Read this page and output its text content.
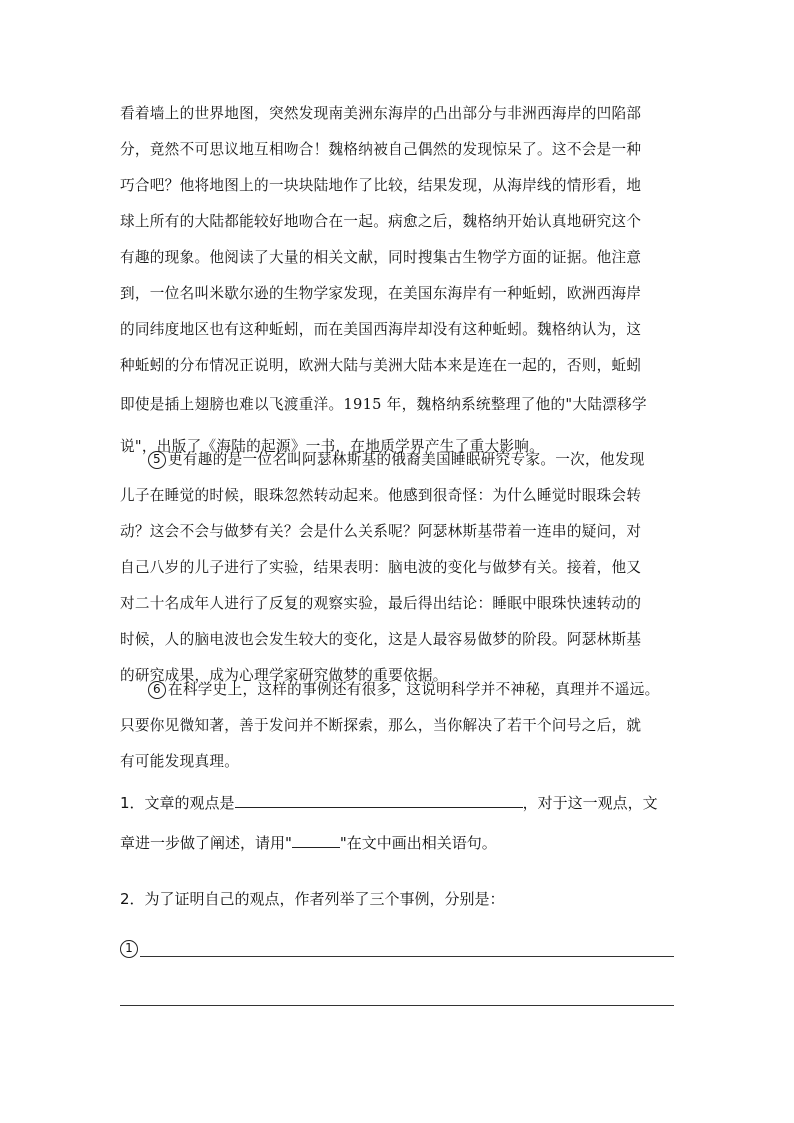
看着墙上的世界地图，突然发现南美洲东海岸的凸出部分与非洲西海岸的凹陷部
分，竟然不可思议地互相吻合！魏格纳被自己偶然的发现惊呆了。这不会是一种
巧合吧？他将地图上的一块块陆地作了比较，结果发现，从海岸线的情形看，地
球上所有的大陆都能较好地吻合在一起。病愈之后，魏格纳开始认真地研究这个
有趣的现象。他阅读了大量的相关文献，同时搜集古生物学方面的证据。他注意
到，一位名叫米歇尔逊的生物学家发现，在美国东海岸有一种蚯蚓，欧洲西海岸
的同纬度地区也有这种蚯蚓，而在美国西海岸却没有这种蚯蚓。魏格纳认为，这
种蚯蚓的分布情况正说明，欧洲大陆与美洲大陆本来是连在一起的，否则，蚯蚓
即使是插上翅膀也难以飞渡重洋。1915 年，魏格纳系统整理了他的"大陆漂移学
说"，出版了《海陆的起源》一书，在地质学界产生了重大影响。
5 更有趣的是一位名叫阿瑟林斯基的俄裔美国睡眠研究专家。一次，他发现
儿子在睡觉的时候，眼珠忽然转动起来。他感到很奇怪：为什么睡觉时眼珠会转
动？这会不会与做梦有关？会是什么关系呢？阿瑟林斯基带着一连串的疑问，对
自己八岁的儿子进行了实验，结果表明：脑电波的变化与做梦有关。接着，他又
对二十名成年人进行了反复的观察实验，最后得出结论：睡眠中眼珠快速转动的
时候，人的脑电波也会发生较大的变化，这是人最容易做梦的阶段。阿瑟林斯基
的研究成果，成为心理学家研究做梦的重要依据。
6 在科学史上，这样的事例还有很多，这说明科学并不神秘，真理并不遥远。
只要你见微知著，善于发问并不断探索，那么，当你解决了若干个问号之后，就
有可能发现真理。
1．文章的观点是	，对于这一观点，文
章进一步做了阐述，请用"	"在文中画出相关语句。
2．为了证明自己的观点，作者列举了三个事例，分别是：
1
